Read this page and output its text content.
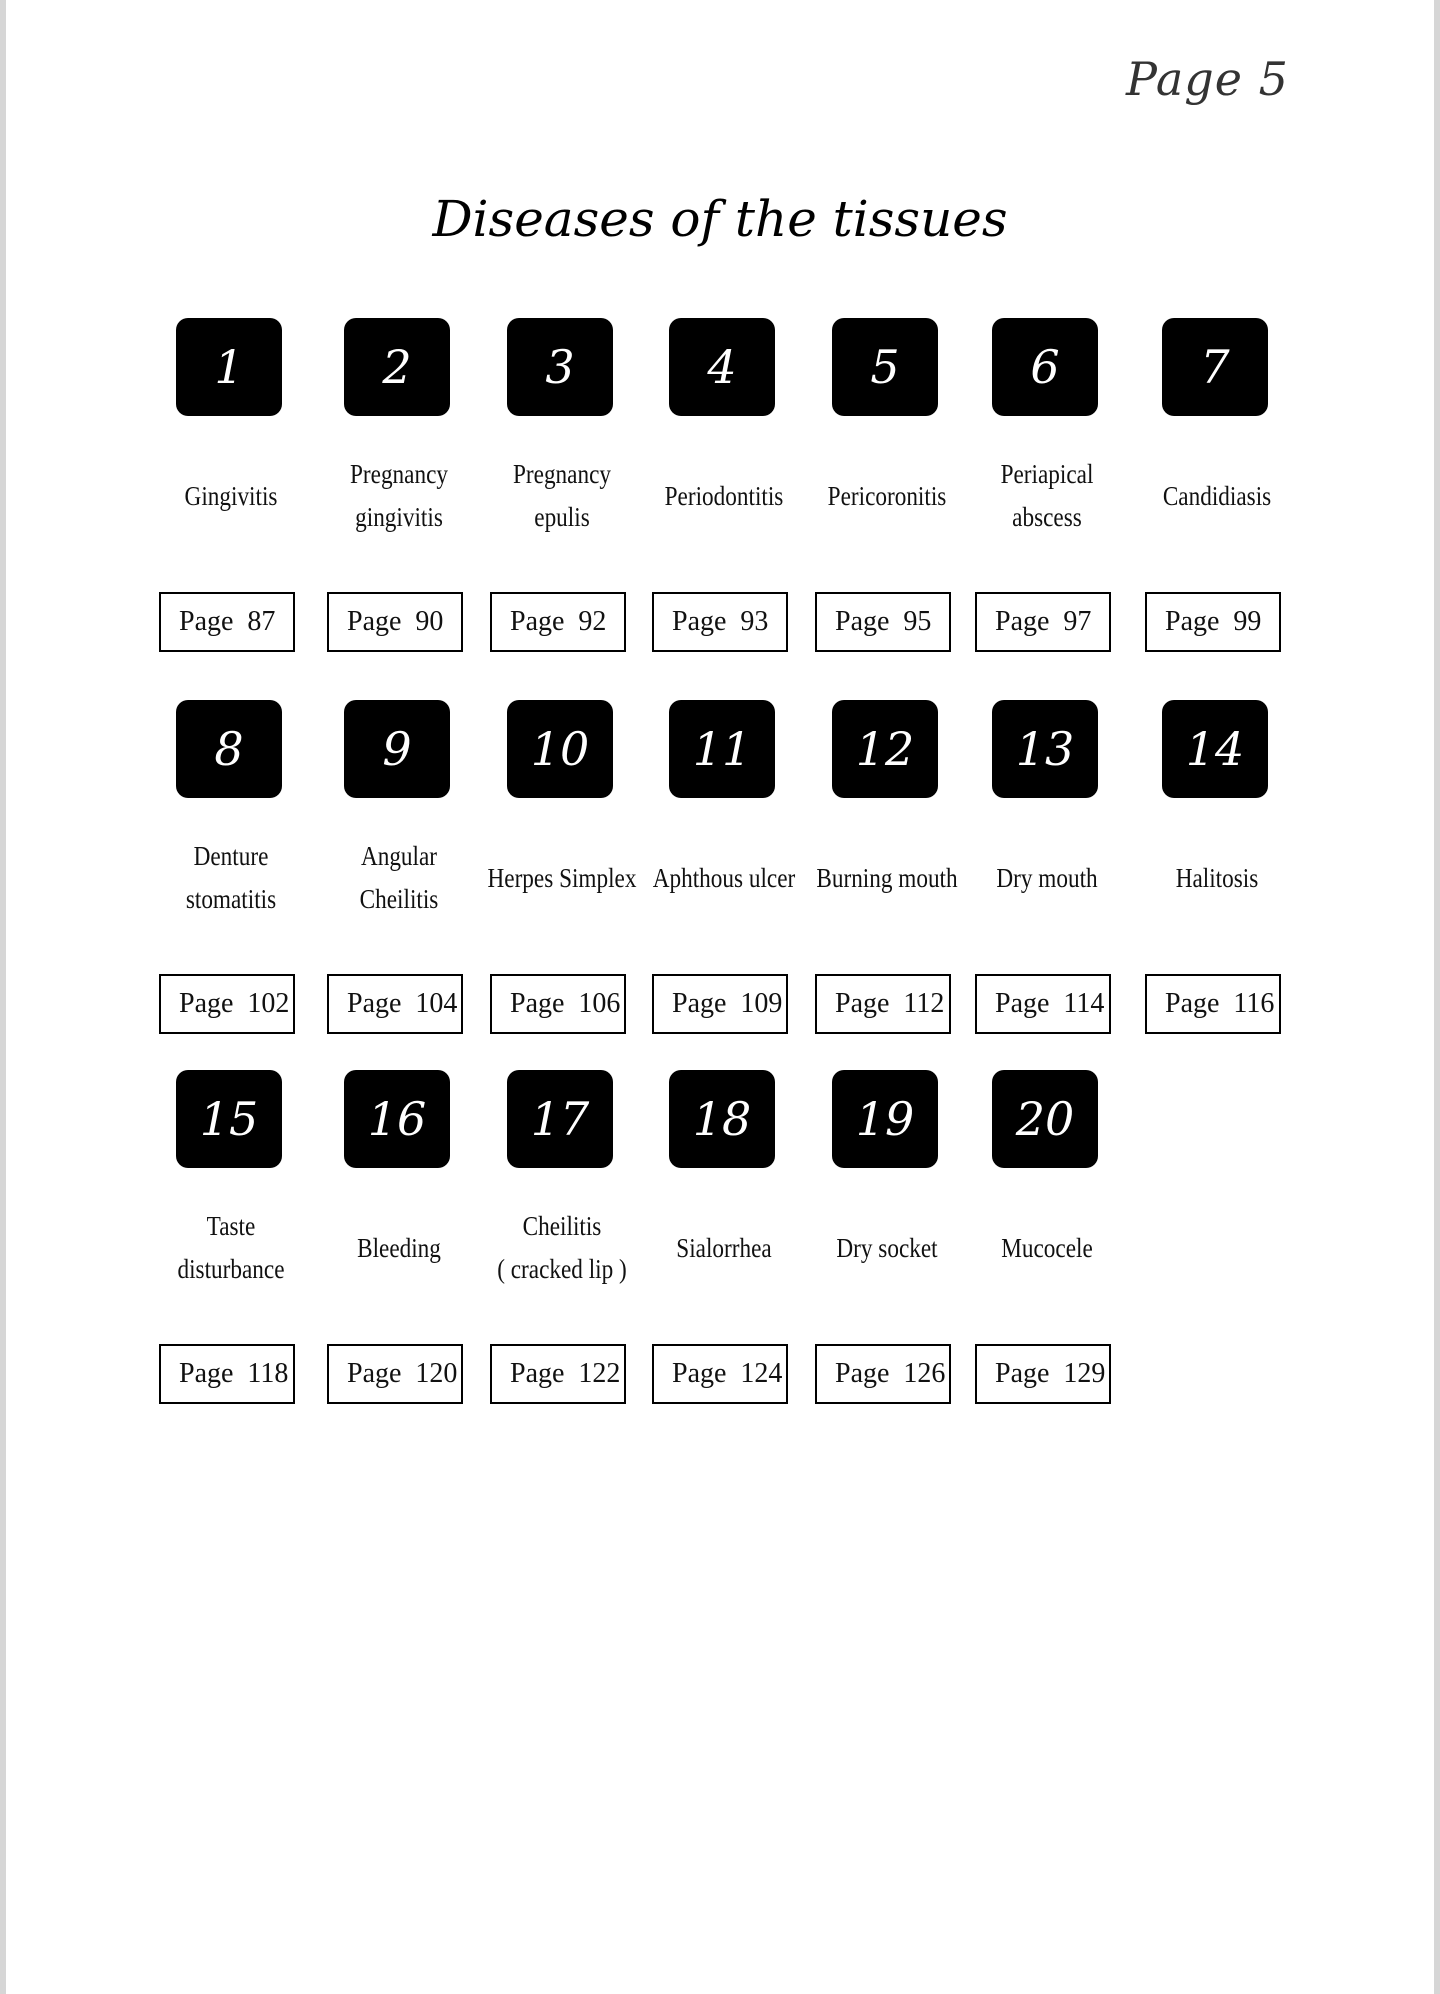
Page 5
Diseases of the tissues
1
Gingivitis
Page  87
2
Pregnancy
gingivitis
Page  90
3
Pregnancy
epulis
Page  92
4
Periodontitis
Page  93
5
Pericoronitis
Page  95
6
Periapical
abscess
Page  97
7
Candidiasis
Page  99
8
Denture
stomatitis
Page  102
9
Angular
Cheilitis
Page  104
10
Herpes Simplex
Page  106
11
Aphthous ulcer
Page  109
12
Burning mouth
Page  112
13
Dry mouth
Page  114
14
Halitosis
Page  116
15
Taste
disturbance
Page  118
16
Bleeding
Page  120
17
Cheilitis
( cracked lip )
Page  122
18
Sialorrhea
Page  124
19
Dry socket
Page  126
20
Mucocele
Page  129
